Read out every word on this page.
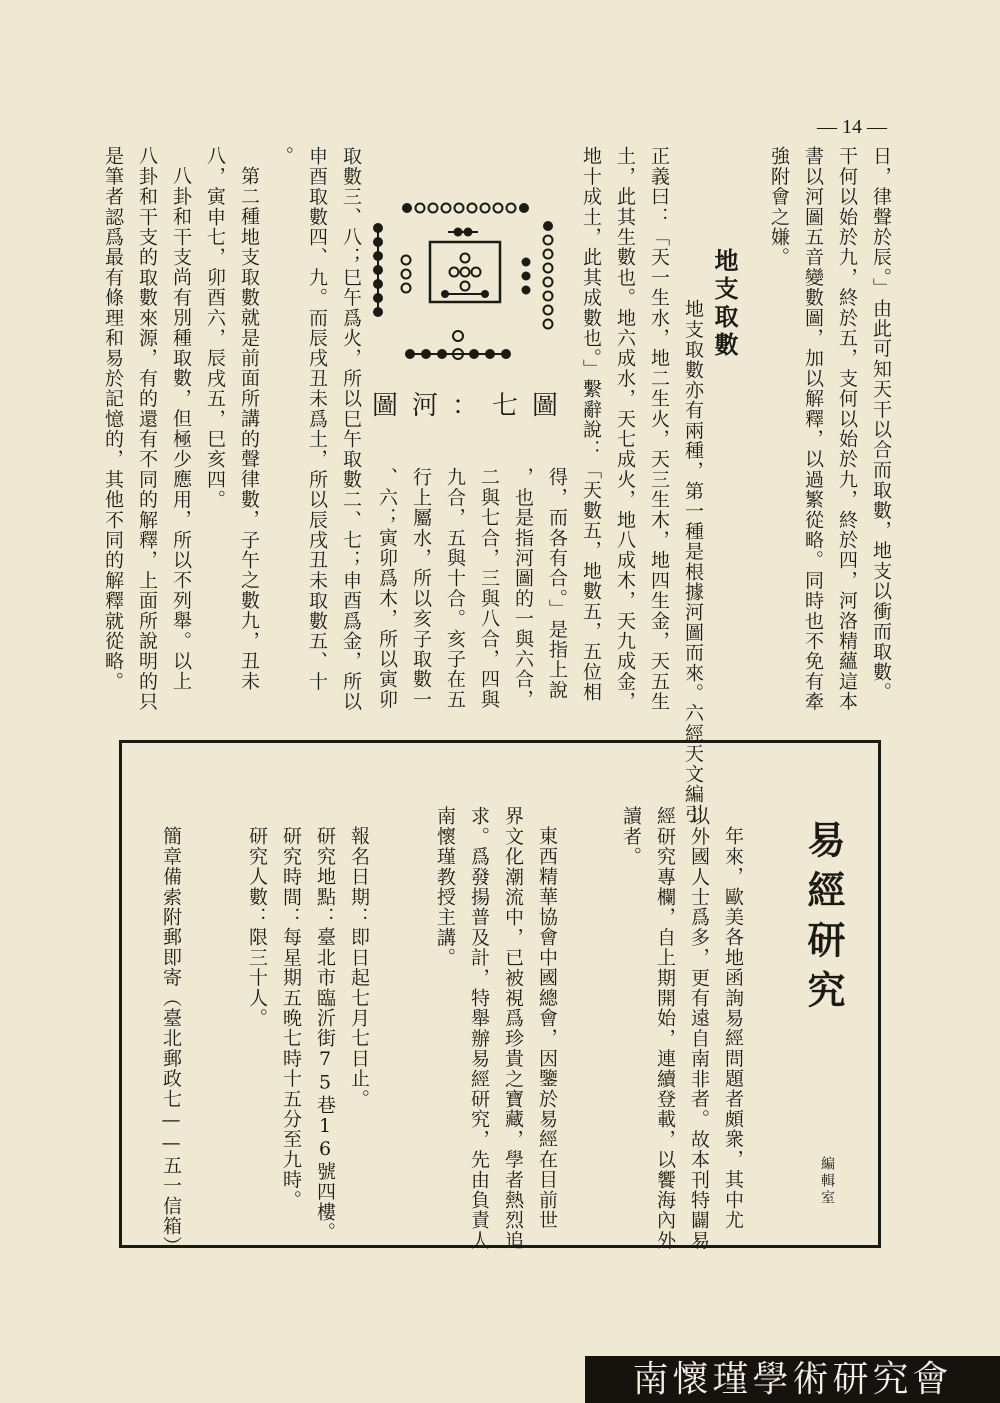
— 14 —
強附會之嫌。 書以河圖五音變數圖，加以解釋，以過繁從略。同時也不免有牽 干何以始於九，終於五，支何以始於九，終於四，河洛精蘊這本 日，律聲於辰。」由此可知天干以合而取數，地支以衝而取數。
地支取數
地支取數亦有兩種，第一種是根據河圖而來。六經天文編引
正義曰：「天一生水，地二生火，天三生木，地四生金，天五生
土，此其生數也。地六成水，天七成火，地八成木，天九成金，
地十成土，此其成數也。」繫辭說：「天數五，地數五，五位相
圖七：河圖
得，而各有合。」是指上說
，也是指河圖的一與六合，
二與七合，三與八合，四與
九合，五與十合。亥子在五
行上屬水，所以亥子取數一
、六；寅卯爲木，所以寅卯
取數三、八；巳午爲火，所以巳午取數二、七；申酉爲金，所以
申酉取數四、九。而辰戌丑未爲土，所以辰戌丑未取數五、十
。
第二種地支取數就是前面所講的聲律數，子午之數九，丑未
八，寅申七，卯酉六，辰戌五，巳亥四。
八卦和干支尚有別種取數，但極少應用，所以不列舉。以上
八卦和干支的取數來源，有的還有不同的解釋，上面所說明的只
是筆者認爲最有條理和易於記憶的，其他不同的解釋就從略。
易經研究
編輯室
年來，歐美各地函詢易經問題者頗衆，其中尤
以外國人士爲多，更有遠自南非者。故本刊特闢易
經研究專欄，自上期開始，連續登載，以饗海內外
讀者。
東西精華協會中國總會，因鑒於易經在目前世
界文化潮流中，已被視爲珍貴之寶藏，學者熱烈追
求。爲發揚普及計，特舉辦易經研究，先由負責人
南懷瑾教授主講。
報名日期：即日起七月七日止。
研究地點：臺北市臨沂街75巷16號四樓。
研究時間：每星期五晚七時十五分至九時。
研究人數：限三十人。
簡章備索附郵即寄（臺北郵政七——五一信箱）
南懷瑾學術研究會
